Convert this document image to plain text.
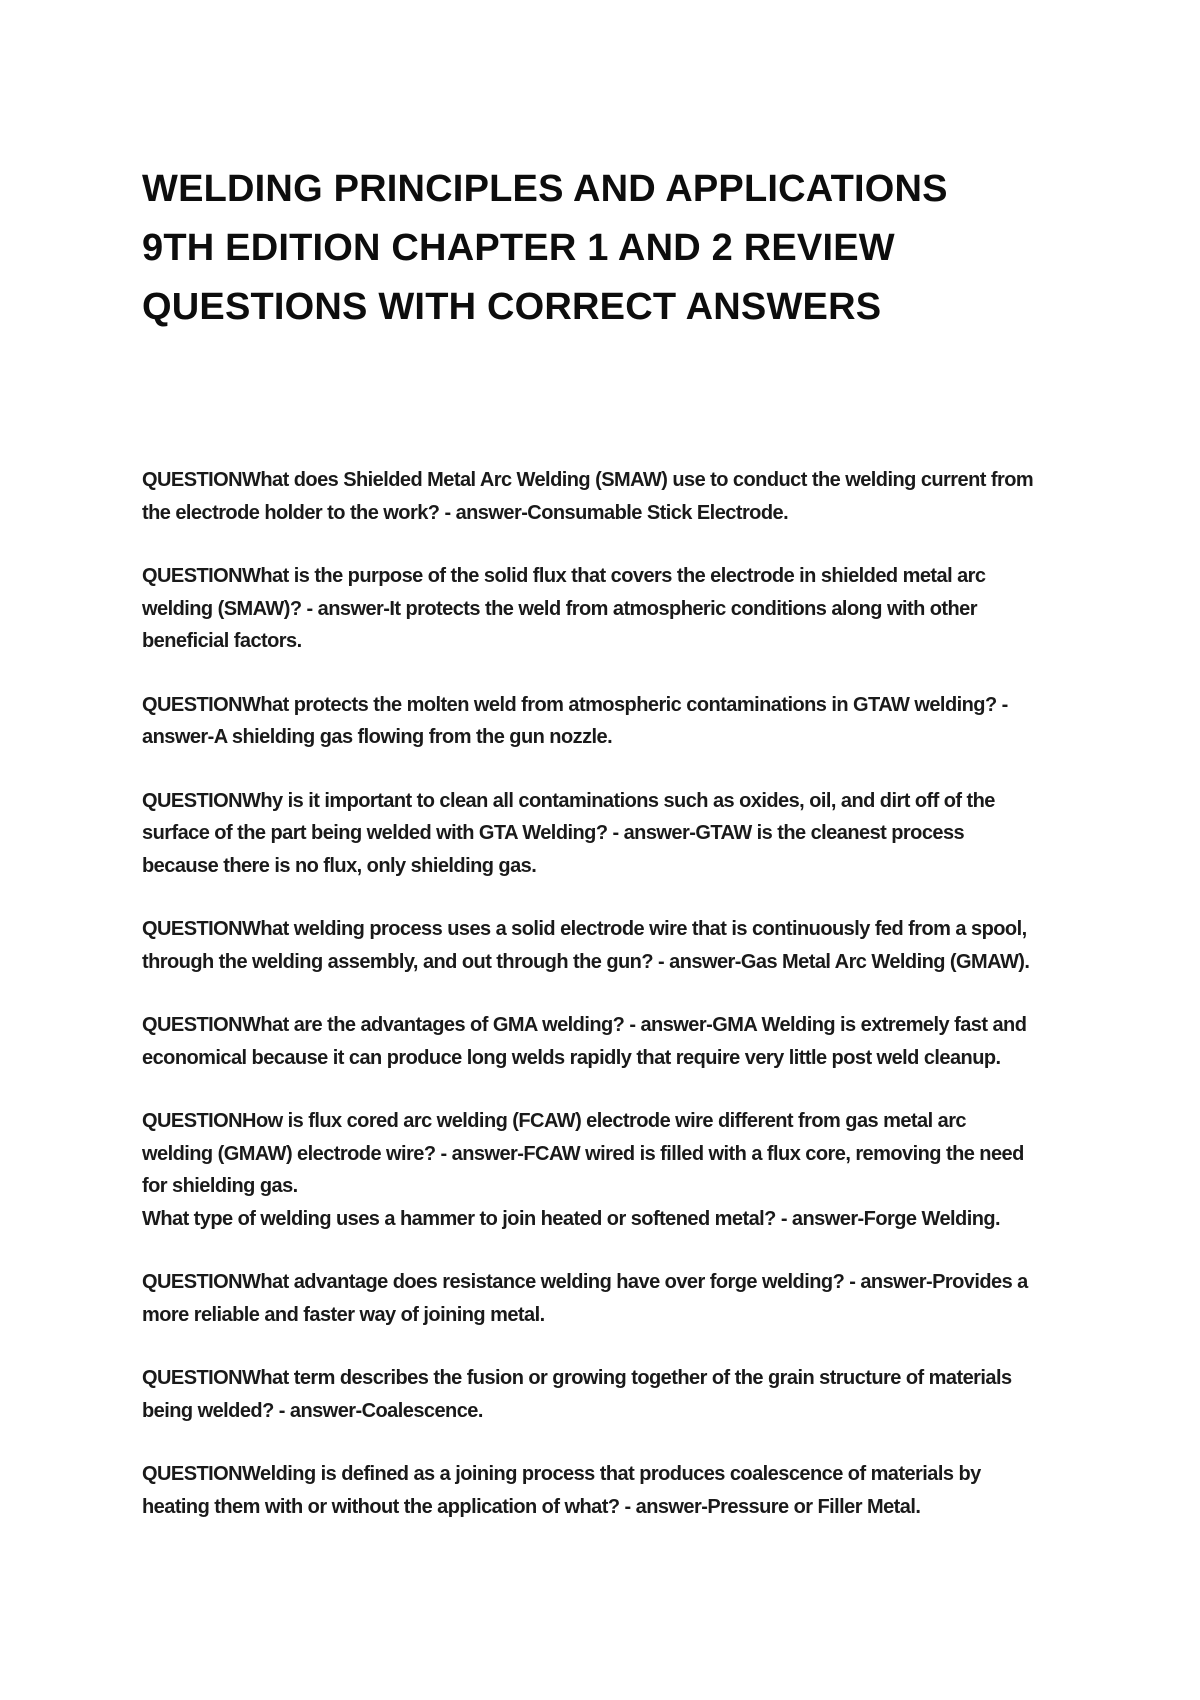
WELDING PRINCIPLES AND APPLICATIONS
9TH EDITION CHAPTER 1 AND 2 REVIEW
QUESTIONS WITH CORRECT ANSWERS
QUESTIONWhat does Shielded Metal Arc Welding (SMAW) use to conduct the welding current from
the electrode holder to the work? - answer-Consumable Stick Electrode.
QUESTIONWhat is the purpose of the solid flux that covers the electrode in shielded metal arc
welding (SMAW)? - answer-It protects the weld from atmospheric conditions along with other
beneficial factors.
QUESTIONWhat protects the molten weld from atmospheric contaminations in GTAW welding? -
answer-A shielding gas flowing from the gun nozzle.
QUESTIONWhy is it important to clean all contaminations such as oxides, oil, and dirt off of the
surface of the part being welded with GTA Welding? - answer-GTAW is the cleanest process
because there is no flux, only shielding gas.
QUESTIONWhat welding process uses a solid electrode wire that is continuously fed from a spool,
through the welding assembly, and out through the gun? - answer-Gas Metal Arc Welding (GMAW).
QUESTIONWhat are the advantages of GMA welding? - answer-GMA Welding is extremely fast and
economical because it can produce long welds rapidly that require very little post weld cleanup.
QUESTIONHow is flux cored arc welding (FCAW) electrode wire different from gas metal arc
welding (GMAW) electrode wire? - answer-FCAW wired is filled with a flux core, removing the need
for shielding gas.
What type of welding uses a hammer to join heated or softened metal? - answer-Forge Welding.
QUESTIONWhat advantage does resistance welding have over forge welding? - answer-Provides a
more reliable and faster way of joining metal.
QUESTIONWhat term describes the fusion or growing together of the grain structure of materials
being welded? - answer-Coalescence.
QUESTIONWelding is defined as a joining process that produces coalescence of materials by
heating them with or without the application of what? - answer-Pressure or Filler Metal.
